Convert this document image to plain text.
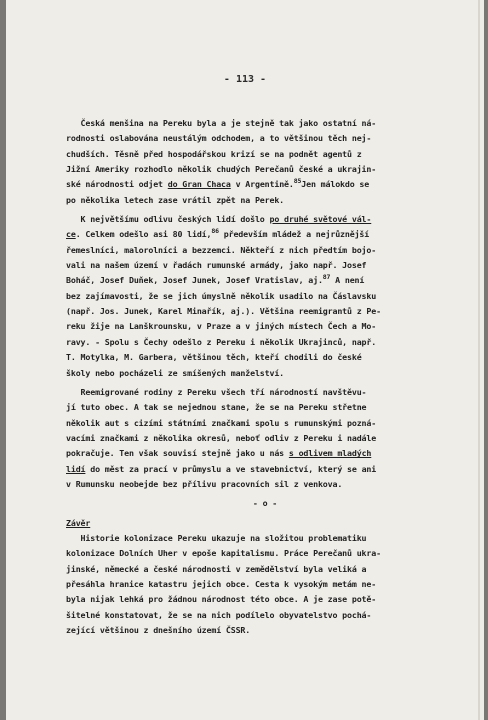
- 113 -
Česká menšina na Pereku byla a je stejně tak jako ostatní ná-
rodnosti oslabována neustálým odchodem, a to většinou těch nej-
chudších. Těsně před hospodářskou krizí se na podnět agentů z
Jižní Ameriky rozhodlo několik chudých Perečanů české a ukrajin-
ské národnosti odjet do Gran Chaca v Argentině.$^{85}$Jen málokdo se
po několika letech zase vrátil zpět na Perek.
K největšímu odlivu českých lidí došlo po druhé světové vál-
ce. Celkem odešlo asi 80 lidí,$^{86}$ především mládež a nejrůznější
řemeslníci, malorolníci a bezzemci. Někteří z nich předtím bojo-
vali na našem území v řadách rumunské armády, jako např. Josef
Boháč, Josef Duňek, Josef Junek, Josef Vratislav, aj.$^{87}$ A není
bez zajímavosti, že se jich úmyslně několik usadilo na Čáslavsku
(např. Jos. Junek, Karel Minařík, aj.). Většina reemigrantů z Pe-
reku žije na Lanškrounsku, v Praze a v jiných místech Čech a Mo-
ravy. - Spolu s Čechy odešlo z Pereku i několik Ukrajinců, např.
T. Motylka, M. Garbera, většinou těch, kteří chodili do české
školy nebo pocházeli ze smíšených manželství.
Reemigrované rodiny z Pereku všech tří národností navštěvu-
jí tuto obec. A tak se nejednou stane, že se na Pereku střetne
několik aut s cizími státními značkami spolu s rumunskými pozná-
vacími značkami z několika okresů, neboť odliv z Pereku i nadále
pokračuje. Ten však souvisí stejně jako u nás s odlivem mladých
lidí do měst za prací v průmyslu a ve stavebnictví, který se ani
v Rumunsku neobejde bez přílivu pracovních sil z venkova.
- o -
Závěr
Historie kolonizace Pereku ukazuje na složitou problematiku
kolonizace Dolních Uher v epoše kapitalismu. Práce Perečanů ukra-
jinské, německé a české národnosti v zemědělství byla veliká a
přesáhla hranice katastru jejich obce. Cesta k vysokým metám ne-
byla nijak lehká pro žádnou národnost této obce. A je zase potě-
šitelné konstatovat, že se na nich podílelo obyvatelstvo pochá-
zející většinou z dnešního území ČSSR.
